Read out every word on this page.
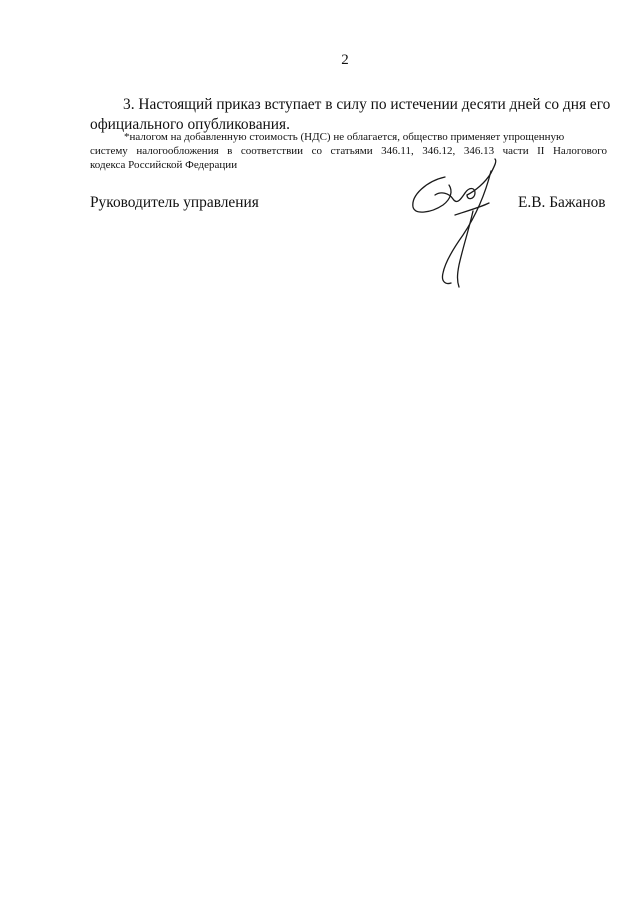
2
3. Настоящий приказ вступает в силу по истечении десяти дней со дня его
официального опубликования.
*налогом на добавленную стоимость (НДС) не облагается, общество применяет упрощенную
систему налогообложения в соответствии со статьями 346.11, 346.12, 346.13 части II Налогового
кодекса Российской Федерации
Руководитель управления	Е.В. Бажанов
